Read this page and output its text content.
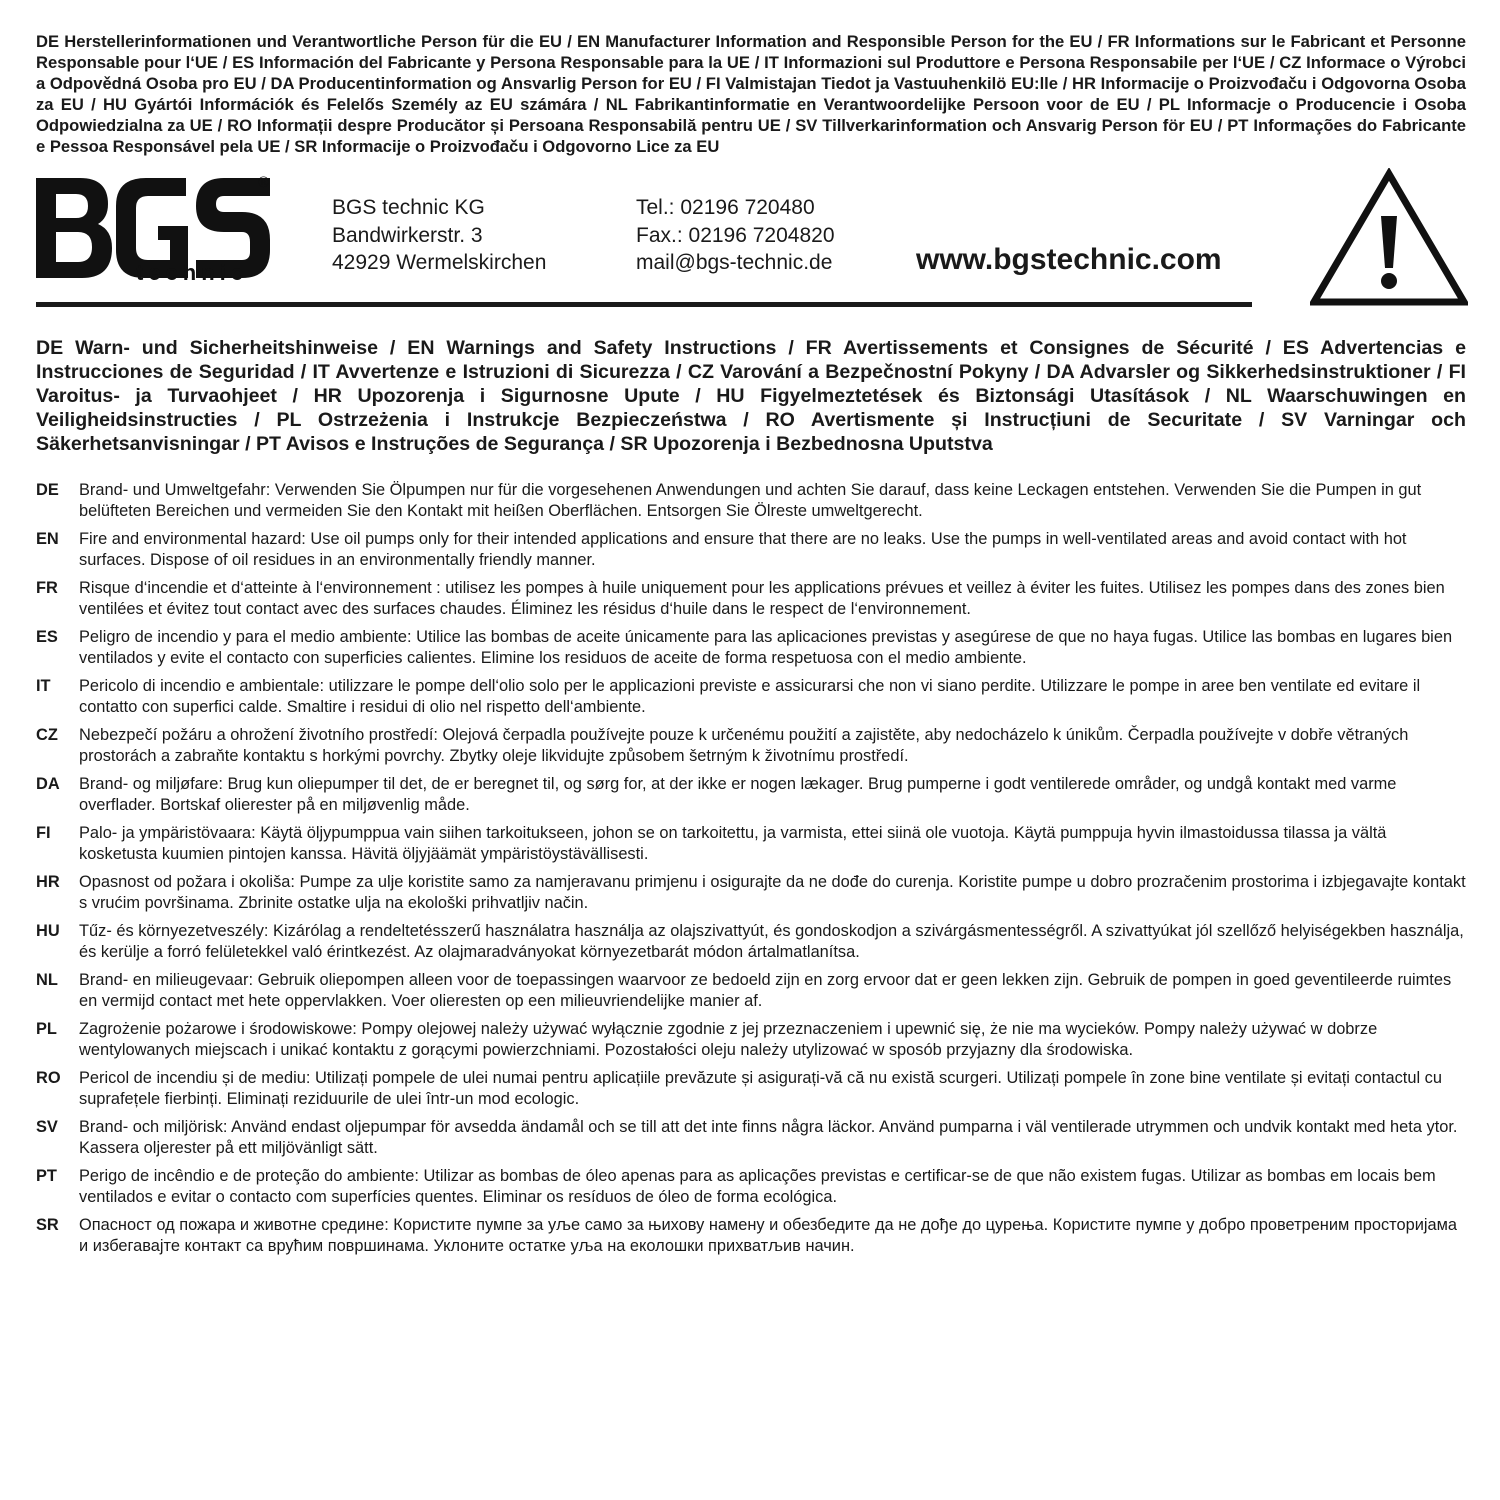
DE Herstellerinformationen und Verantwortliche Person für die EU / EN Manufacturer Information and Responsible Person for the EU / FR Informations sur le Fabricant et Personne Responsable pour l‘UE / ES Información del Fabricante y Persona Responsable para la UE / IT Informazioni sul Produttore e Persona Responsabile per l‘UE / CZ Informace o Výrobci a Odpovědná Osoba pro EU / DA Producentinformation og Ansvarlig Person for EU / FI Valmistajan Tiedot ja Vastuuhenkilö EU:lle / HR Informacije o Proizvođaču i Odgovorna Osoba za EU / HU Gyártói Információk és Felelős Személy az EU számára / NL Fabrikantinformatie en Verantwoordelijke Persoon voor de EU / PL Informacje o Producencie i Osoba Odpowiedzialna za UE / RO Informații despre Producător și Persoana Responsabilă pentru UE / SV Tillverkarinformation och Ansvarig Person för EU / PT Informações do Fabricante e Pessoa Responsável pela UE / SR Informacije o Proizvođaču i Odgovorno Lice za EU

®
technic
BGS technic KG
Bandwirkerstr. 3
42929 Wermelskirchen
Tel.: 02196 720480
Fax.: 02196 7204820
mail@bgs-technic.de	www.bgstechnic.com

DE Warn- und Sicherheitshinweise / EN Warnings and Safety Instructions / FR Avertissements et Consignes de Sécurité / ES Advertencias e Instrucciones de Seguridad / IT Avvertenze e Istruzioni di Sicurezza / CZ Varování a Bezpečnostní Pokyny / DA Advarsler og Sikkerhedsinstruktioner / FI Varoitus- ja Turvaohjeet / HR Upozorenja i Sigurnosne Upute / HU Figyelmeztetések és Biztonsági Utasítások / NL Waarschuwingen en Veiligheidsinstructies / PL Ostrzeżenia i Instrukcje Bezpieczeństwa / RO Avertismente și Instrucțiuni de Securitate / SV Varningar och Säkerhetsanvisningar / PT Avisos e Instruções de Segurança / SR Upozorenja i Bezbednosna Uputstva

DE	Brand- und Umweltgefahr: Verwenden Sie Ölpumpen nur für die vorgesehenen Anwendungen und achten Sie darauf, dass keine Leckagen entstehen. Verwenden Sie die Pumpen in gut belüfteten Bereichen und vermeiden Sie den Kontakt mit heißen Oberflächen. Entsorgen Sie Ölreste umweltgerecht.
EN	Fire and environmental hazard: Use oil pumps only for their intended applications and ensure that there are no leaks. Use the pumps in well-ventilated areas and avoid contact with hot surfaces. Dispose of oil residues in an environmentally friendly manner.
FR	Risque d‘incendie et d‘atteinte à l‘environnement : utilisez les pompes à huile uniquement pour les applications prévues et veillez à éviter les fuites. Utilisez les pompes dans des zones bien ventilées et évitez tout contact avec des surfaces chaudes. Éliminez les résidus d‘huile dans le respect de l‘environnement.
ES	Peligro de incendio y para el medio ambiente: Utilice las bombas de aceite únicamente para las aplicaciones previstas y asegúrese de que no haya fugas. Utilice las bombas en lugares bien ventilados y evite el contacto con superficies calientes. Elimine los residuos de aceite de forma respetuosa con el medio ambiente.
IT	Pericolo di incendio e ambientale: utilizzare le pompe dell‘olio solo per le applicazioni previste e assicurarsi che non vi siano perdite. Utilizzare le pompe in aree ben ventilate ed evitare il contatto con superfici calde. Smaltire i residui di olio nel rispetto dell‘ambiente.
CZ	Nebezpečí požáru a ohrožení životního prostředí: Olejová čerpadla používejte pouze k určenému použití a zajistěte, aby nedocházelo k únikům. Čerpadla používejte v dobře větraných prostorách a zabraňte kontaktu s horkými povrchy. Zbytky oleje likvidujte způsobem šetrným k životnímu prostředí.
DA	Brand- og miljøfare: Brug kun oliepumper til det, de er beregnet til, og sørg for, at der ikke er nogen lækager. Brug pumperne i godt ventilerede områder, og undgå kontakt med varme overflader. Bortskaf olierester på en miljøvenlig måde.
FI	Palo- ja ympäristövaara: Käytä öljypumppua vain siihen tarkoitukseen, johon se on tarkoitettu, ja varmista, ettei siinä ole vuotoja. Käytä pumppuja hyvin ilmastoidussa tilassa ja vältä kosketusta kuumien pintojen kanssa. Hävitä öljyjäämät ympäristöystävällisesti.
HR	Opasnost od požara i okoliša: Pumpe za ulje koristite samo za namjeravanu primjenu i osigurajte da ne dođe do curenja. Koristite pumpe u dobro prozračenim prostorima i izbjegavajte kontakt s vrućim površinama. Zbrinite ostatke ulja na ekološki prihvatljiv način.
HU	Tűz- és környezetveszély: Kizárólag a rendeltetésszerű használatra használja az olajszivattyút, és gondoskodjon a szivárgásmentességről. A szivattyúkat jól szellőző helyiségekben használja, és kerülje a forró felületekkel való érintkezést. Az olajmaradványokat környezetbarát módon ártalmatlanítsa.
NL	Brand- en milieugevaar: Gebruik oliepompen alleen voor de toepassingen waarvoor ze bedoeld zijn en zorg ervoor dat er geen lekken zijn. Gebruik de pompen in goed geventileerde ruimtes en vermijd contact met hete oppervlakken. Voer olieresten op een milieuvriendelijke manier af.
PL	Zagrożenie pożarowe i środowiskowe: Pompy olejowej należy używać wyłącznie zgodnie z jej przeznaczeniem i upewnić się, że nie ma wycieków. Pompy należy używać w dobrze wentylowanych miejscach i unikać kontaktu z gorącymi powierzchniami. Pozostałości oleju należy utylizować w sposób przyjazny dla środowiska.
RO	Pericol de incendiu și de mediu: Utilizați pompele de ulei numai pentru aplicațiile prevăzute și asigurați-vă că nu există scurgeri. Utilizați pompele în zone bine ventilate și evitați contactul cu suprafețele fierbinți. Eliminați reziduurile de ulei într-un mod ecologic.
SV	Brand- och miljörisk: Använd endast oljepumpar för avsedda ändamål och se till att det inte finns några läckor. Använd pumparna i väl ventilerade utrymmen och undvik kontakt med heta ytor. Kassera oljerester på ett miljövänligt sätt.
PT	Perigo de incêndio e de proteção do ambiente: Utilizar as bombas de óleo apenas para as aplicações previstas e certificar-se de que não existem fugas. Utilizar as bombas em locais bem ventilados e evitar o contacto com superfícies quentes. Eliminar os resíduos de óleo de forma ecológica.
SR	Опасност од пожара и животне средине: Користите пумпе за уље само за њихову намену и обезбедите да не дође до цурења. Користите пумпе у добро проветреним просторијама и избегавајте контакт са врућим површинама. Уклоните остатке уља на еколошки прихватљив начин.
